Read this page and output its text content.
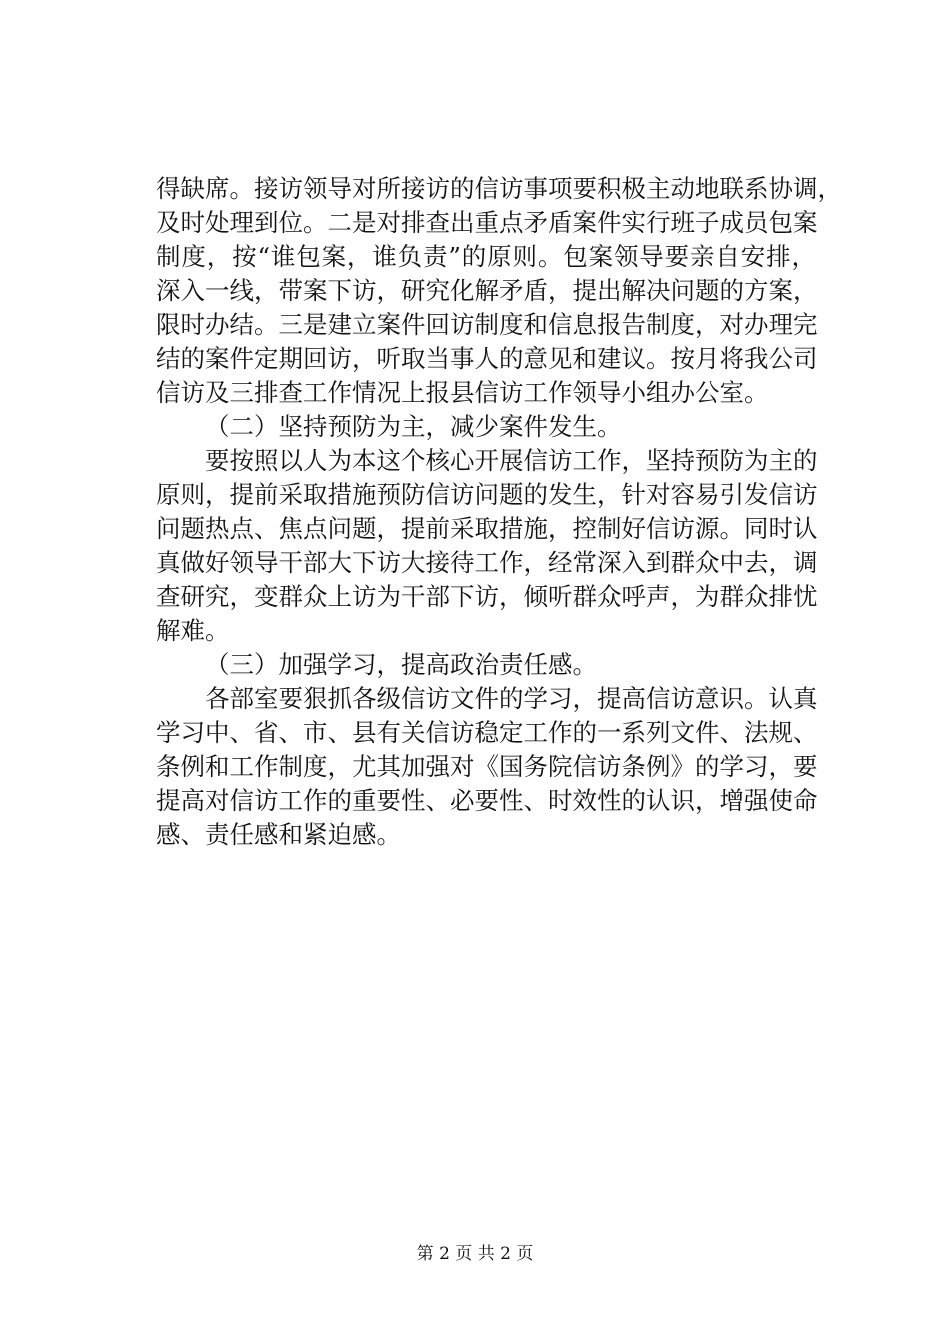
得缺席。接访领导对所接访的信访事项要积极主动地联系协调，
及时处理到位。二是对排查出重点矛盾案件实行班子成员包案
制度，按“谁包案，谁负责”的原则。包案领导要亲自安排，
深入一线，带案下访，研究化解矛盾，提出解决问题的方案，
限时办结。三是建立案件回访制度和信息报告制度，对办理完
结的案件定期回访，听取当事人的意见和建议。按月将我公司
信访及三排查工作情况上报县信访工作领导小组办公室。
（二）坚持预防为主，减少案件发生。
要按照以人为本这个核心开展信访工作，坚持预防为主的
原则，提前采取措施预防信访问题的发生，针对容易引发信访
问题热点、焦点问题，提前采取措施，控制好信访源。同时认
真做好领导干部大下访大接待工作，经常深入到群众中去，调
查研究，变群众上访为干部下访，倾听群众呼声，为群众排忧
解难。
（三）加强学习，提高政治责任感。
各部室要狠抓各级信访文件的学习，提高信访意识。认真
学习中、省、市、县有关信访稳定工作的一系列文件、法规、
条例和工作制度，尤其加强对《国务院信访条例》的学习，要
提高对信访工作的重要性、必要性、时效性的认识，增强使命
感、责任感和紧迫感。
第 2 页 共 2 页
